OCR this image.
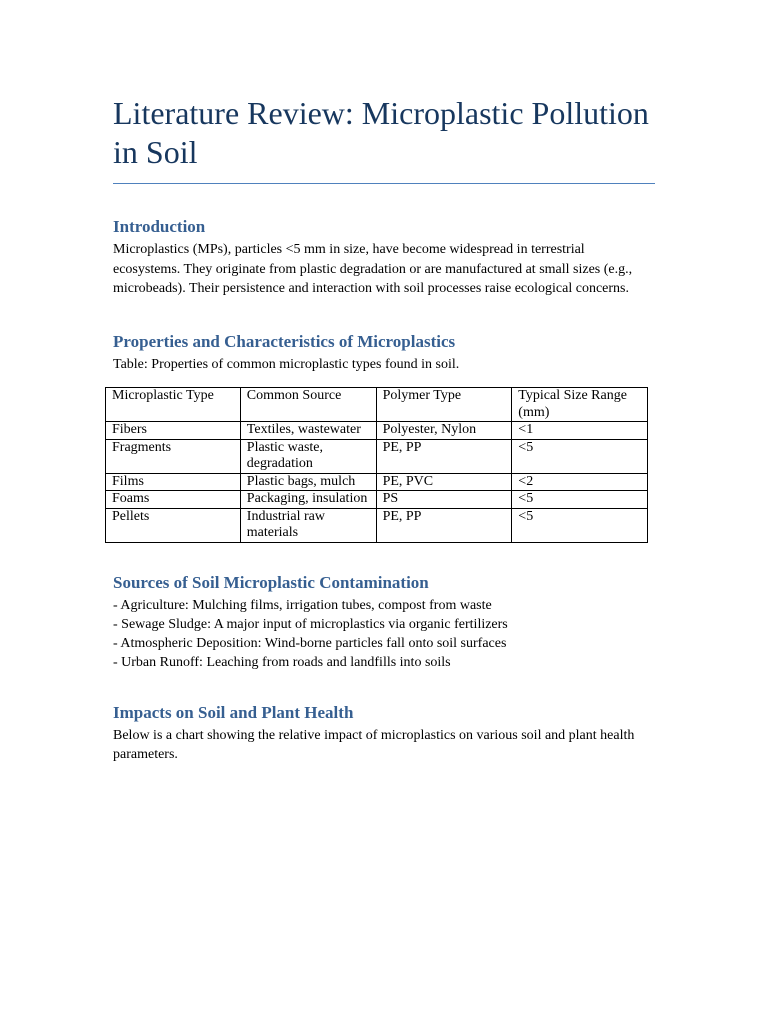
Literature Review: Microplastic Pollution in Soil
Introduction

Microplastics (MPs), particles <5 mm in size, have become widespread in terrestrial ecosystems. They originate from plastic degradation or are manufactured at small sizes (e.g., microbeads). Their persistence and interaction with soil processes raise ecological concerns.

Properties and Characteristics of Microplastics

Table: Properties of common microplastic types found in soil.

Microplastic Type	Common Source	Polymer Type	Typical Size Range (mm)
Fibers	Textiles, wastewater	Polyester, Nylon	<1
Fragments	Plastic waste, degradation	PE, PP	<5
Films	Plastic bags, mulch	PE, PVC	<2
Foams	Packaging, insulation	PS	<5
Pellets	Industrial raw materials	PE, PP	<5
Sources of Soil Microplastic Contamination
- Agriculture: Mulching films, irrigation tubes, compost from waste
- Sewage Sludge: A major input of microplastics via organic fertilizers
- Atmospheric Deposition: Wind-borne particles fall onto soil surfaces
- Urban Runoff: Leaching from roads and landfills into soils
Impacts on Soil and Plant Health

Below is a chart showing the relative impact of microplastics on various soil and plant health parameters.
